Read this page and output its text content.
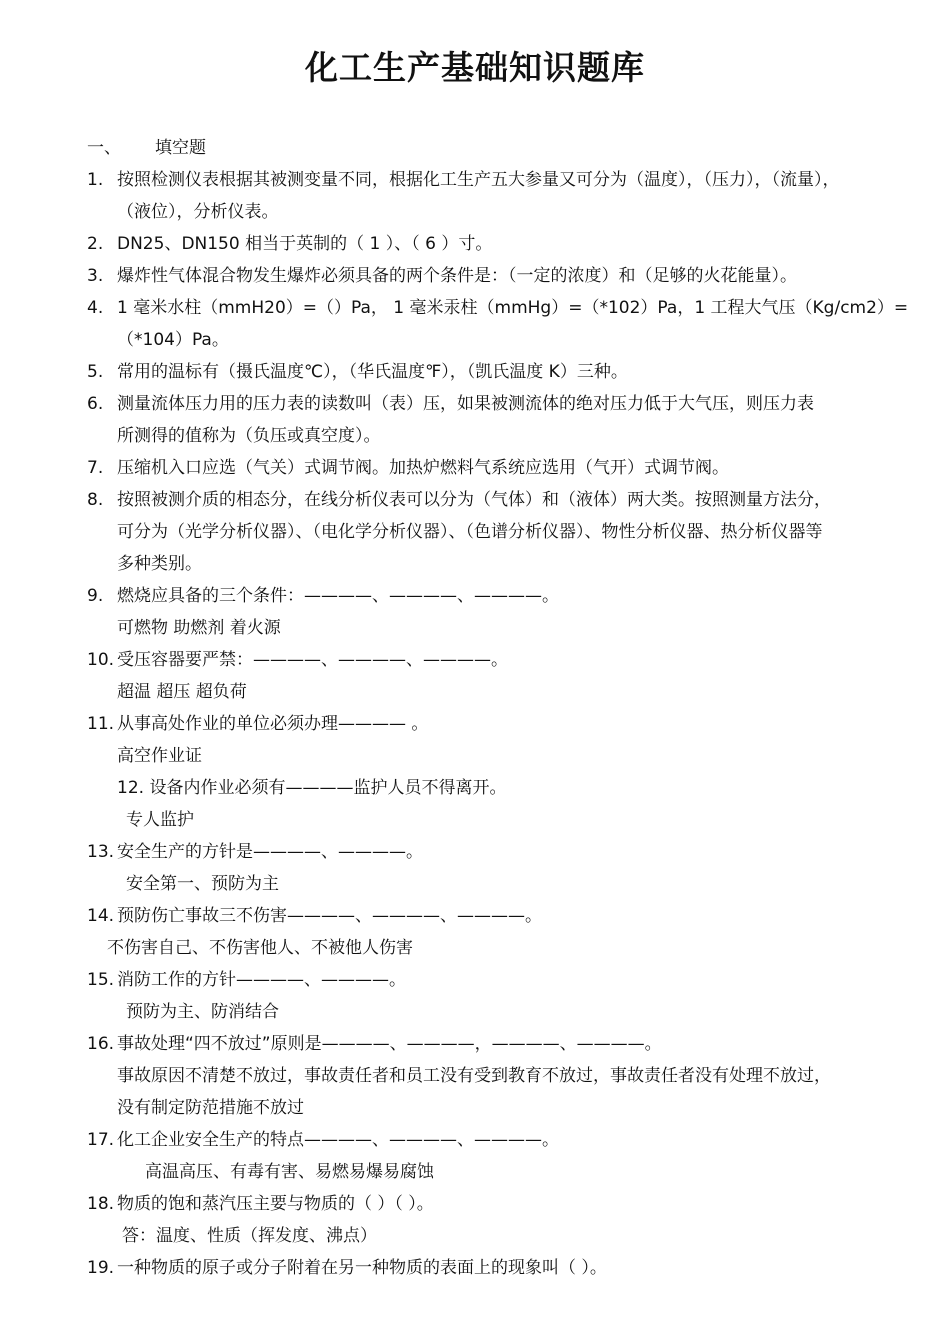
化工生产基础知识题库
一、 填空题
1. 按照检测仪表根据其被测变量不同，根据化工生产五大参量又可分为（温度），（压力），（流量），
（液位），分析仪表。
2. DN25、DN150 相当于英制的（ 1 ）、（ 6 ）寸。
3. 爆炸性气体混合物发生爆炸必须具备的两个条件是：（一定的浓度）和（足够的火花能量）。
4. 1 毫米水柱（mmH20）=（）Pa， 1 毫米汞柱（mmHg）=（*102）Pa，1 工程大气压（Kg/cm2）=
（*104）Pa。
5. 常用的温标有（摄氏温度℃），（华氏温度℉），（凯氏温度 K）三种。
6. 测量流体压力用的压力表的读数叫（表）压，如果被测流体的绝对压力低于大气压，则压力表
所测得的值称为（负压或真空度）。
7. 压缩机入口应选（气关）式调节阀。加热炉燃料气系统应选用（气开）式调节阀。
8. 按照被测介质的相态分，在线分析仪表可以分为（气体）和（液体）两大类。按照测量方法分，
可分为（光学分析仪器）、（电化学分析仪器）、（色谱分析仪器）、物性分析仪器、热分析仪器等
多种类别。
9. 燃烧应具备的三个条件：————、————、————。
可燃物 助燃剂 着火源
10. 受压容器要严禁：————、————、————。
超温 超压 超负荷
11. 从事高处作业的单位必须办理———— 。
高空作业证
12. 设备内作业必须有————监护人员不得离开。
专人监护
13. 安全生产的方针是————、————。
安全第一、预防为主
14. 预防伤亡事故三不伤害————、————、————。
不伤害自己、不伤害他人、不被他人伤害
15. 消防工作的方针————、————。
预防为主、防消结合
16. 事故处理“四不放过”原则是————、————，————、————。
事故原因不清楚不放过，事故责任者和员工没有受到教育不放过，事故责任者没有处理不放过，
没有制定防范措施不放过
17. 化工企业安全生产的特点————、————、————。
高温高压、有毒有害、易燃易爆易腐蚀
18. 物质的饱和蒸汽压主要与物质的（ ）（ ）。
答：温度、性质（挥发度、沸点）
19. 一种物质的原子或分子附着在另一种物质的表面上的现象叫（ ）。
